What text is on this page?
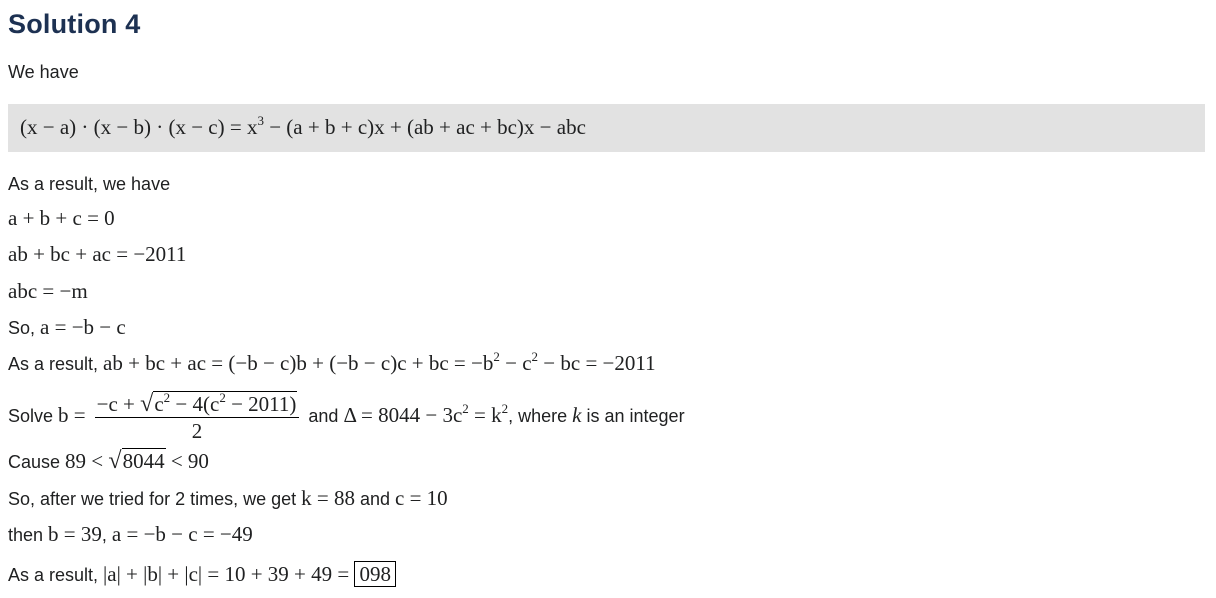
Solution 4
We have
$(x - a) \cdot (x - b) \cdot (x - c) = x^3 - (a + b + c)x + (ab$ + ac + bc)x − abc
As a result, we have
a + b + c = 0
ab + bc + ac = −2011
abc = −m
So, a = −b − c
As a result, ab + bc + ac = (−b − c)b + (−b − c)c + bc = $-b^2 - c^2$ − bc = −2011
Solve $b = \frac{-c + √c^2 - 4(c^2 - 2011)}{2}$ and $\Delta = 8044 - 3c^2 = k^2$, where k is an integer
Cause 89 < √8044 < 90
So, after we tried for 2 times, we get k = 88 and c = 10
then b = 39, a = −b − c = −49
As a result, |a| + |b| + |c| = 10 + 39 + 49 = 098
